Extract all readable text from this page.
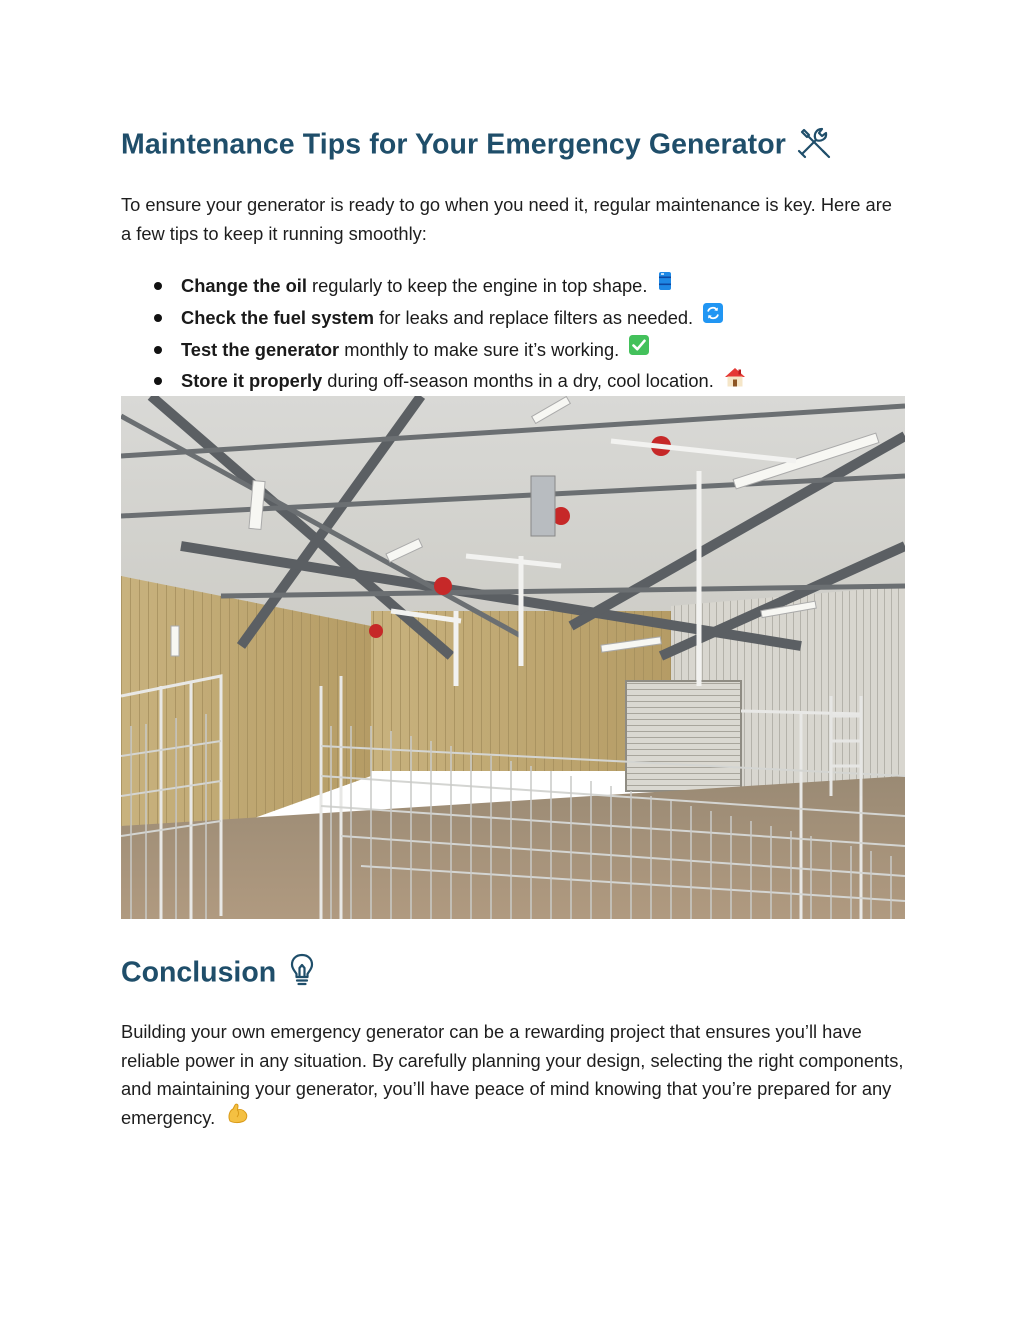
Maintenance Tips for Your Emergency Generator

To ensure your generator is ready to go when you need it, regular maintenance is key. Here are a few tips to keep it running smoothly:

Change the oil regularly to keep the engine in top shape.
Check the fuel system for leaks and replace filters as needed.
Test the generator monthly to make sure it’s working.
Store it properly during off-season months in a dry, cool location.
Conclusion

Building your own emergency generator can be a rewarding project that ensures you’ll have reliable power in any situation. By carefully planning your design, selecting the right components, and maintaining your generator, you’ll have peace of mind knowing that you’re prepared for any emergency.
